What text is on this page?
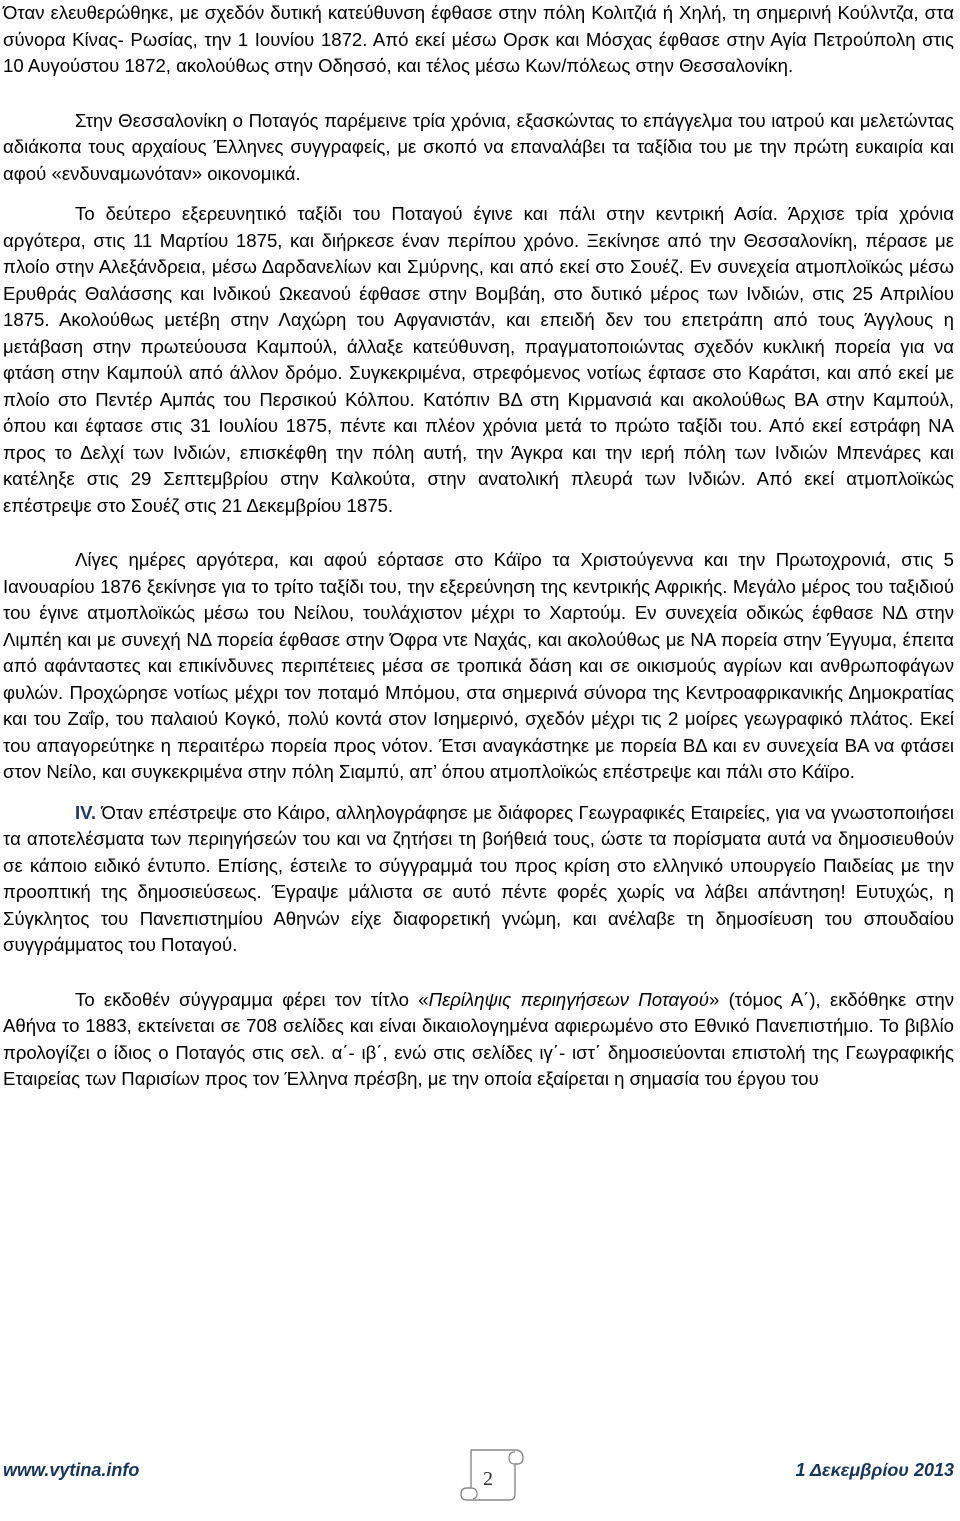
Όταν ελευθερώθηκε, με σχεδόν δυτική κατεύθυνση έφθασε στην πόλη Κολιτζιά ή Χηλή, τη σημερινή Κούλντζα, στα σύνορα Κίνας- Ρωσίας, την 1 Ιουνίου 1872. Από εκεί μέσω Ορσκ και Μόσχας έφθασε στην Αγία Πετρούπολη στις 10 Αυγούστου 1872, ακολούθως στην Οδησσό, και τέλος μέσω Κων/πόλεως στην Θεσσαλονίκη.

Στην Θεσσαλονίκη ο Ποταγός παρέμεινε τρία χρόνια, εξασκώντας το επάγγελμα του ιατρού και μελετώντας αδιάκοπα τους αρχαίους Έλληνες συγγραφείς, με σκοπό να επαναλάβει τα ταξίδια του με την πρώτη ευκαιρία και αφού «ενδυναμωνόταν» οικονομικά.

Το δεύτερο εξερευνητικό ταξίδι του Ποταγού έγινε και πάλι στην κεντρική Ασία. Άρχισε τρία χρόνια αργότερα, στις 11 Μαρτίου 1875, και διήρκεσε έναν περίπου χρόνο. Ξεκίνησε από την Θεσσαλονίκη, πέρασε με πλοίο στην Αλεξάνδρεια, μέσω Δαρδανελίων και Σμύρνης, και από εκεί στο Σουέζ. Εν συνεχεία ατμοπλοϊκώς μέσω Ερυθράς Θαλάσσης και Ινδικού Ωκεανού έφθασε στην Βομβάη, στο δυτικό μέρος των Ινδιών, στις 25 Απριλίου 1875. Ακολούθως μετέβη στην Λαχώρη του Αφγανιστάν, και επειδή δεν του επετράπη από τους Άγγλους η μετάβαση στην πρωτεύουσα Καμπούλ, άλλαξε κατεύθυνση, πραγματοποιώντας σχεδόν κυκλική πορεία για να φτάση στην Καμπούλ από άλλον δρόμο. Συγκεκριμένα, στρεφόμενος νοτίως έφτασε στο Καράτσι, και από εκεί με πλοίο στο Πεντέρ Αμπάς του Περσικού Κόλπου. Κατόπιν ΒΔ στη Κιρμανσιά και ακολούθως ΒΑ στην Καμπούλ, όπου και έφτασε στις 31 Ιουλίου 1875, πέντε και πλέον χρόνια μετά το πρώτο ταξίδι του. Από εκεί εστράφη ΝΑ προς το Δελχί των Ινδιών, επισκέφθη την πόλη αυτή, την Άγκρα και την ιερή πόλη των Ινδιών Μπενάρες και κατέληξε στις 29 Σεπτεμβρίου στην Καλκούτα, στην ανατολική πλευρά των Ινδιών. Από εκεί ατμοπλοϊκώς επέστρεψε στο Σουέζ στις 21 Δεκεμβρίου 1875.

Λίγες ημέρες αργότερα, και αφού εόρτασε στο Κάϊρο τα Χριστούγεννα και την Πρωτοχρονιά, στις 5 Ιανουαρίου 1876 ξεκίνησε για το τρίτο ταξίδι του, την εξερεύνηση της κεντρικής Αφρικής. Μεγάλο μέρος του ταξιδιού του έγινε ατμοπλοϊκώς μέσω του Νείλου, τουλάχιστον μέχρι το Χαρτούμ. Εν συνεχεία οδικώς έφθασε ΝΔ στην Λιμπέη και με συνεχή ΝΔ πορεία έφθασε στην Όφρα ντε Ναχάς, και ακολούθως με ΝΑ πορεία στην Έγγυμα, έπειτα από αφάνταστες και επικίνδυνες περιπέτειες μέσα σε τροπικά δάση και σε οικισμούς αγρίων και ανθρωποφάγων φυλών. Προχώρησε νοτίως μέχρι τον ποταμό Μπόμου, στα σημερινά σύνορα της Κεντροαφρικανικής Δημοκρατίας και του Ζαΐρ, του παλαιού Κογκό, πολύ κοντά στον Ισημερινό, σχεδόν μέχρι τις 2 μοίρες γεωγραφικό πλάτος. Εκεί του απαγορεύτηκε η περαιτέρω πορεία προς νότον. Έτσι αναγκάστηκε με πορεία ΒΔ και εν συνεχεία ΒΑ να φτάσει στον Νείλο, και συγκεκριμένα στην πόλη Σιαμπύ, απ’ όπου ατμοπλοϊκώς επέστρεψε και πάλι στο Κάϊρο.

IV. Όταν επέστρεψε στο Κάιρο, αλληλογράφησε με διάφορες Γεωγραφικές Εταιρείες, για να γνωστοποιήσει τα αποτελέσματα των περιηγήσεών του και να ζητήσει τη βοήθειά τους, ώστε τα πορίσματα αυτά να δημοσιευθούν σε κάποιο ειδικό έντυπο. Επίσης, έστειλε το σύγγραμμά του προς κρίση στο ελληνικό υπουργείο Παιδείας με την προοπτική της δημοσιεύσεως. Έγραψε μάλιστα σε αυτό πέντε φορές χωρίς να λάβει απάντηση! Ευτυχώς, η Σύγκλητος του Πανεπιστημίου Αθηνών είχε διαφορετική γνώμη, και ανέλαβε τη δημοσίευση του σπουδαίου συγγράμματος του Ποταγού.

Το εκδοθέν σύγγραμμα φέρει τον τίτλο «Περίληψις περιηγήσεων Ποταγού» (τόμος Α΄), εκδόθηκε στην Αθήνα το 1883, εκτείνεται σε 708 σελίδες και είναι δικαιολογημένα αφιερωμένο στο Εθνικό Πανεπιστήμιο. Το βιβλίο προλογίζει ο ίδιος ο Ποταγός στις σελ. α΄- ιβ΄, ενώ στις σελίδες ιγ΄- ιστ΄ δημοσιεύονται επιστολή της Γεωγραφικής Εταιρείας των Παρισίων προς τον Έλληνα πρέσβη, με την οποία εξαίρεται η σημασία του έργου του

www.vytina.info	2	1 Δεκεμβρίου 2013
